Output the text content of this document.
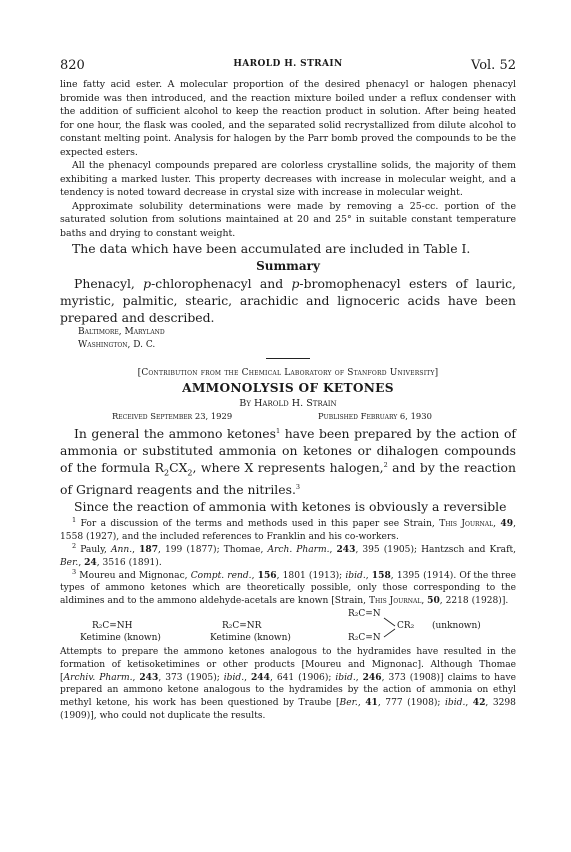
820	HAROLD H. STRAIN	Vol. 52

line fatty acid ester. A molecular proportion of the desired phenacyl or halogen phenacyl bromide was then introduced, and the reaction mixture boiled under a reflux condenser with the addition of sufficient alcohol to keep the reaction product in solution. After being heated for one hour, the flask was cooled, and the separated solid recrystallized from dilute alcohol to constant melting point. Analysis for halogen by the Parr bomb proved the compounds to be the expected esters.

All the phenacyl compounds prepared are colorless crystalline solids, the majority of them exhibiting a marked luster. This property decreases with increase in molecular weight, and a tendency is noted toward decrease in crystal size with increase in molecular weight.

Approximate solubility determinations were made by removing a 25-cc. portion of the saturated solution from solutions maintained at 20 and 25° in suitable constant temperature baths and drying to constant weight.

The data which have been accumulated are included in Table I.

Summary

Phenacyl, p-chlorophenacyl and p-bromophenacyl esters of lauric, myristic, palmitic, stearic, arachidic and lignoceric acids have been prepared and described.

Baltimore, Maryland
Washington, D. C.
[Contribution from the Chemical Laboratory of Stanford University]
AMMONOLYSIS OF KETONES
By Harold H. Strain
Received September 23, 1929	Published February 6, 1930

In general the ammono ketones$^1$ have been prepared by the action of ammonia or substituted ammonia on ketones or dihalogen compounds of the formula $R_2CX_2$, where X represents halogen,$^2$ and by the reaction of Grignard reagents and the nitriles.$^3$

Since the reaction of ammonia with ketones is obviously a reversible

$^1$ For a discussion of the terms and methods used in this paper see Strain, This Journal, 49, 1558 (1927), and the included references to Franklin and his co-workers.

$^2$ Pauly, Ann., 187, 199 (1877); Thomae, Arch. Pharm., 243, 395 (1905); Hantzsch and Kraft, Ber., 24, 3516 (1891).

$^3$ Moureu and Mignonac, Compt. rend., 156, 1801 (1913); ibid., 158, 1395 (1914). Of the three types of ammono ketones which are theoretically possible, only those corresponding to the aldimines and to the ammono aldehyde-acetals are known [Strain, This Journal, 50, 2218 (1928)].

R₂C=NH
Ketimine (known)
R₂C=NR
Ketimine (known)
R₂C=N
R₂C=N
CR₂ (unknown)

Attempts to prepare the ammono ketones analogous to the hydramides have resulted in the formation of ketisoketimines or other products [Moureu and Mignonac]. Although Thomae [Archiv. Pharm., 243, 373 (1905); ibid., 244, 641 (1906); ibid., 246, 373 (1908)] claims to have prepared an ammono ketone analogous to the hydramides by the action of ammonia on ethyl methyl ketone, his work has been questioned by Traube [Ber., 41, 777 (1908); ibid., 42, 3298 (1909)], who could not duplicate the results.
